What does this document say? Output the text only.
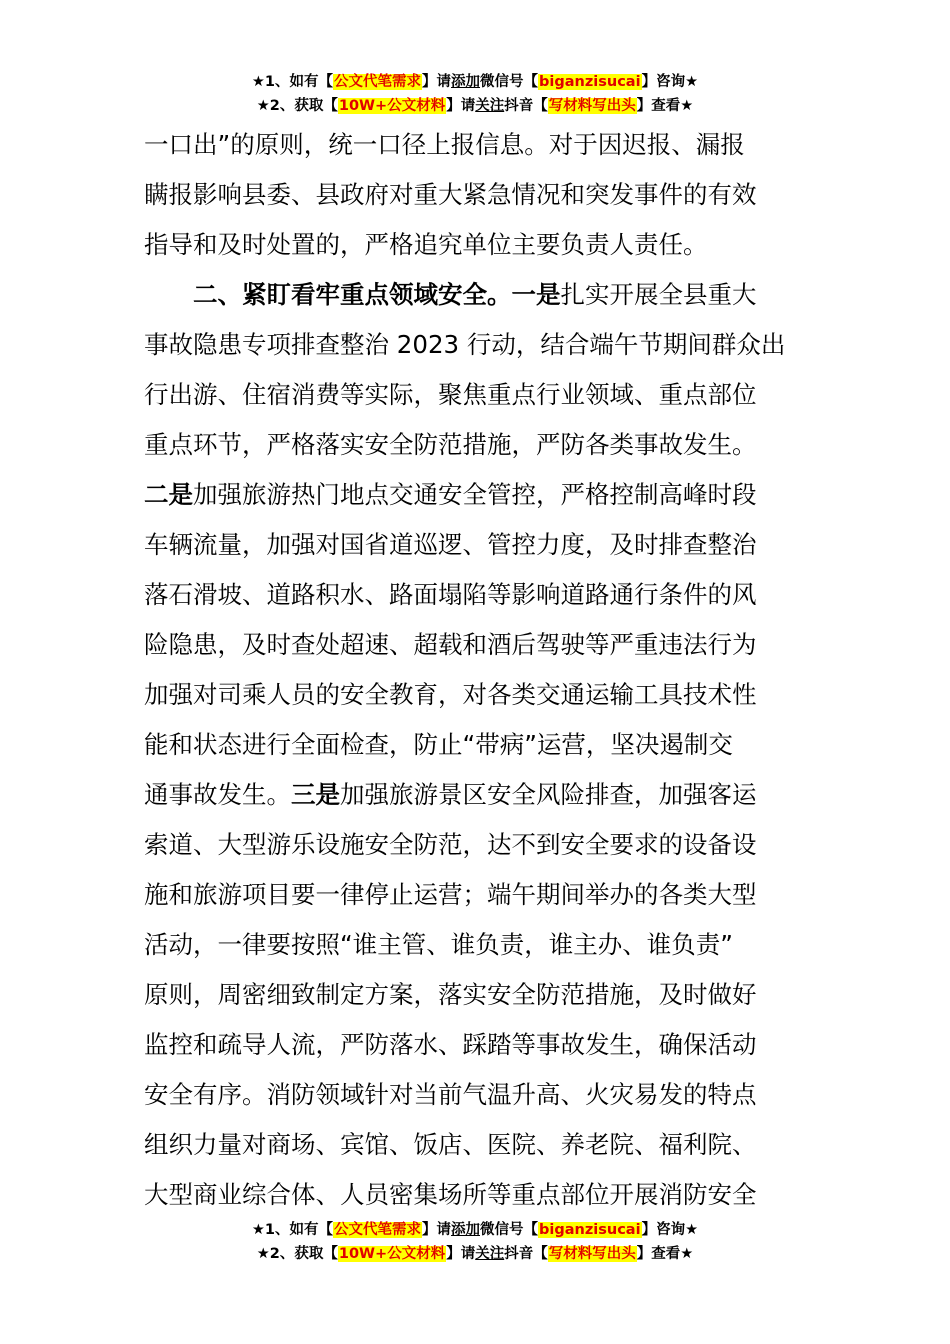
★1、如有【公文代笔需求】请添加微信号【biganzisucai】咨询★
★2、获取【10W+公文材料】请关注抖音【写材料写出头】查看★
一口出”的原则，统一口径上报信息。对于因迟报、漏报
瞒报影响县委、县政府对重大紧急情况和突发事件的有效
指导和及时处置的，严格追究单位主要负责人责任。
二、紧盯看牢重点领域安全。一是扎实开展全县重大
事故隐患专项排查整治 2023 行动，结合端午节期间群众出
行出游、住宿消费等实际，聚焦重点行业领域、重点部位
重点环节，严格落实安全防范措施，严防各类事故发生。
二是加强旅游热门地点交通安全管控，严格控制高峰时段
车辆流量，加强对国省道巡逻、管控力度，及时排查整治
落石滑坡、道路积水、路面塌陷等影响道路通行条件的风
险隐患，及时查处超速、超载和酒后驾驶等严重违法行为
加强对司乘人员的安全教育，对各类交通运输工具技术性
能和状态进行全面检查，防止“带病”运营，坚决遏制交
通事故发生。三是加强旅游景区安全风险排查，加强客运
索道、大型游乐设施安全防范，达不到安全要求的设备设
施和旅游项目要一律停止运营；端午期间举办的各类大型
活动，一律要按照“谁主管、谁负责，谁主办、谁负责”
原则，周密细致制定方案，落实安全防范措施，及时做好
监控和疏导人流，严防落水、踩踏等事故发生，确保活动
安全有序。消防领域针对当前气温升高、火灾易发的特点
组织力量对商场、宾馆、饭店、医院、养老院、福利院、
大型商业综合体、人员密集场所等重点部位开展消防安全
★1、如有【公文代笔需求】请添加微信号【biganzisucai】咨询★
★2、获取【10W+公文材料】请关注抖音【写材料写出头】查看★
